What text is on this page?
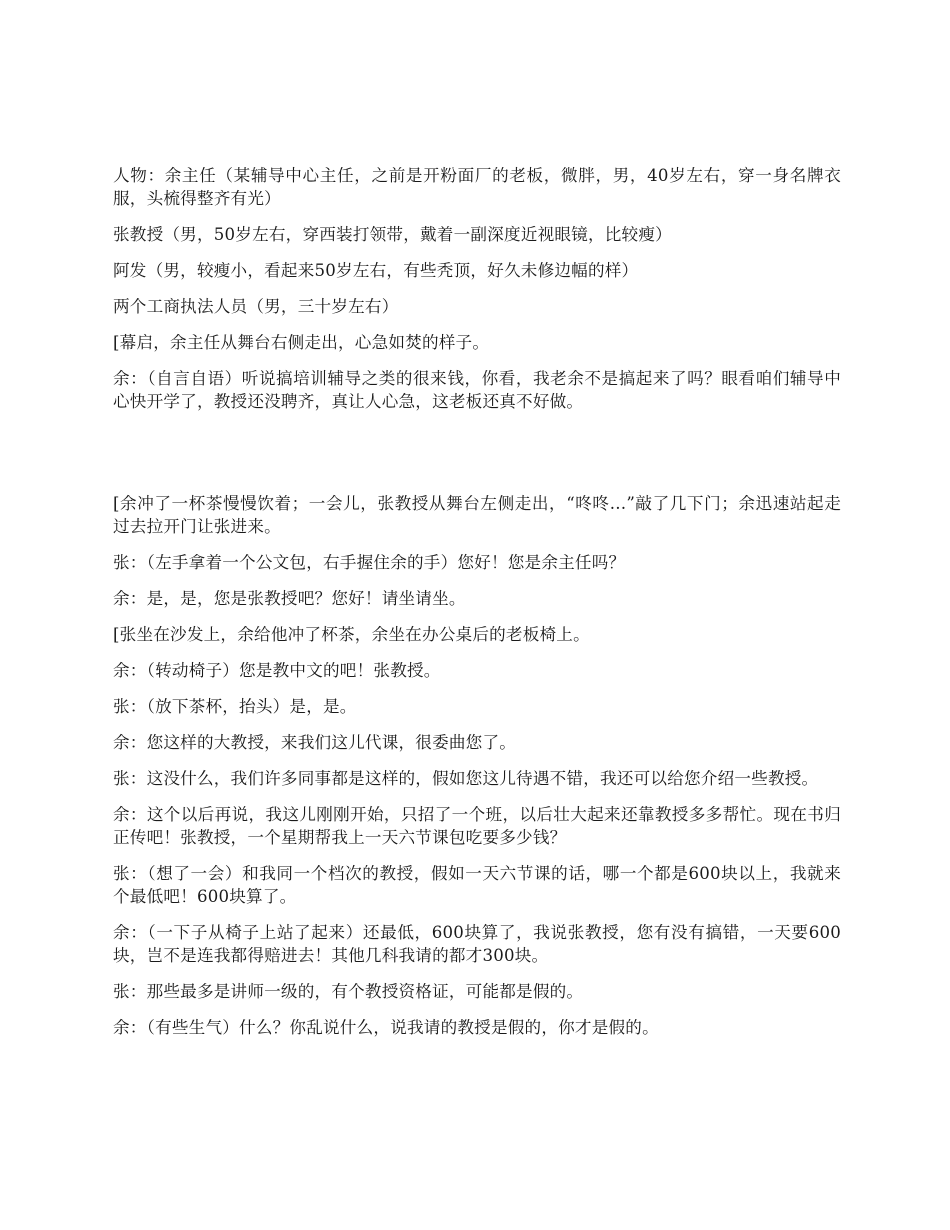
人物：余主任（某辅导中心主任，之前是开粉面厂的老板，微胖，男，40岁左右，穿一身名牌衣服，头梳得整齐有光）

张教授（男，50岁左右，穿西装打领带，戴着一副深度近视眼镜，比较瘦）

阿发（男，较瘦小，看起来50岁左右，有些秃顶，好久未修边幅的样）

两个工商执法人员（男，三十岁左右）

[幕启，余主任从舞台右侧走出，心急如焚的样子。

余：（自言自语）听说搞培训辅导之类的很来钱，你看，我老余不是搞起来了吗？眼看咱们辅导中心快开学了，教授还没聘齐，真让人心急，这老板还真不好做。

[余冲了一杯茶慢慢饮着；一会儿，张教授从舞台左侧走出，“咚咚…”敲了几下门；余迅速站起走过去拉开门让张进来。

张：（左手拿着一个公文包，右手握住余的手）您好！您是余主任吗？

余：是，是，您是张教授吧？您好！请坐请坐。

[张坐在沙发上，余给他冲了杯茶，余坐在办公桌后的老板椅上。

余：（转动椅子）您是教中文的吧！张教授。

张：（放下茶杯，抬头）是，是。

余：您这样的大教授，来我们这儿代课，很委曲您了。

张：这没什么，我们许多同事都是这样的，假如您这儿待遇不错，我还可以给您介绍一些教授。

余：这个以后再说，我这儿刚刚开始，只招了一个班，以后壮大起来还靠教授多多帮忙。现在书归正传吧！张教授，一个星期帮我上一天六节课包吃要多少钱？

张：（想了一会）和我同一个档次的教授，假如一天六节课的话，哪一个都是600块以上，我就来个最低吧！600块算了。

余：（一下子从椅子上站了起来）还最低，600块算了，我说张教授，您有没有搞错，一天要600块，岂不是连我都得赔进去！其他几科我请的都才300块。

张：那些最多是讲师一级的，有个教授资格证，可能都是假的。

余：（有些生气）什么？你乱说什么，说我请的教授是假的，你才是假的。
